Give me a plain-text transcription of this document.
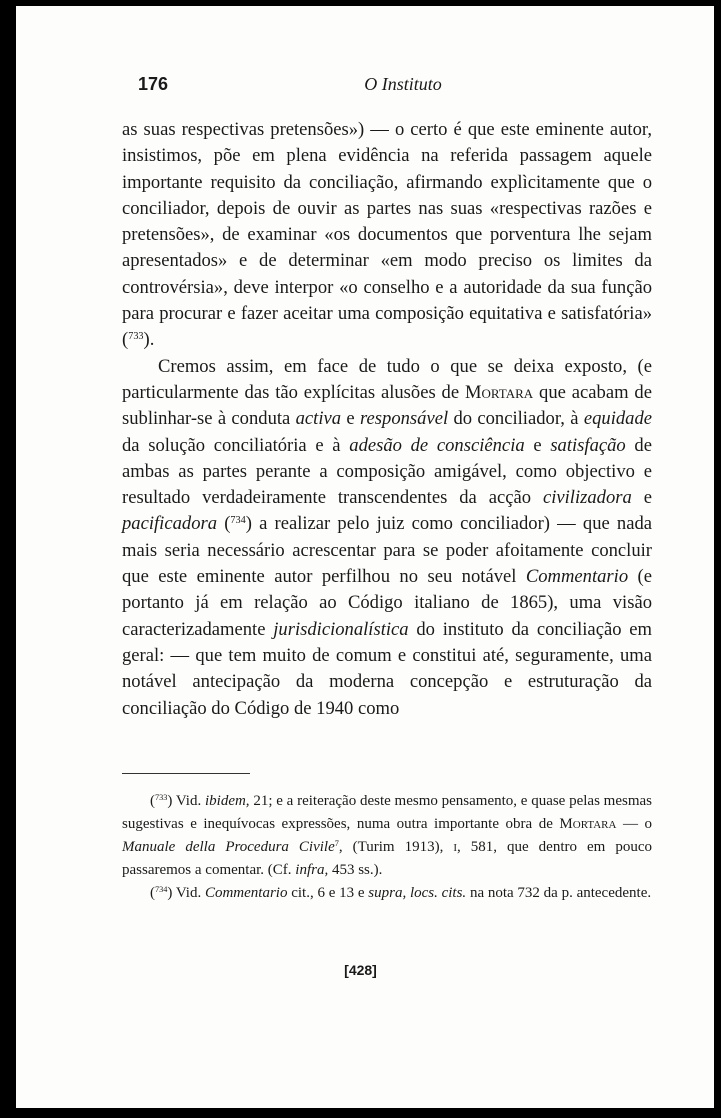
176	O Instituto

as suas respectivas pretensões») — o certo é que este eminente autor, insistimos, põe em plena evidência na referida passagem aquele importante requisito da conciliação, afirmando explìcitamente que o conciliador, depois de ouvir as partes nas suas «respectivas razões e pretensões», de examinar «os documentos que porventura lhe sejam apresentados» e de determinar «em modo preciso os limites da controvérsia», deve interpor «o conselho e a autoridade da sua função para procurar e fazer aceitar uma composição equitativa e satisfatória» ($^{733}$).

Cremos assim, em face de tudo o que se deixa exposto, (e particularmente das tão explícitas alusões de Mortara que acabam de sublinhar-se à conduta activa e responsável do conciliador, à equidade da solução conciliatória e à adesão de consciência e satisfação de ambas as partes perante a composição amigável, como objectivo e resultado verdadeiramente transcendentes da acção civilizadora e pacificadora ($^{734}$) a realizar pelo juiz como conciliador) — que nada mais seria necessário acrescentar para se poder afoitamente concluir que este eminente autor perfilhou no seu notável Commentario (e portanto já em relação ao Código italiano de 1865), uma visão caracterizadamente jurisdicionalística do instituto da conciliação em geral: — que tem muito de comum e constitui até, seguramente, uma notável antecipação da moderna concepção e estruturação da conciliação do Código de 1940 como

($^{733}$) Vid. ibidem, 21; e a reiteração deste mesmo pensamento, e quase pelas mesmas sugestivas e inequívocas expressões, numa outra importante obra de Mortara — o Manuale della Procedura Civile$^7$, (Turim 1913), i, 581, que dentro em pouco passaremos a comentar. (Cf. infra, 453 ss.).

($^{734}$) Vid. Commentario cit., 6 e 13 e supra, locs. cits. na nota 732 da p. antecedente.

[428]
